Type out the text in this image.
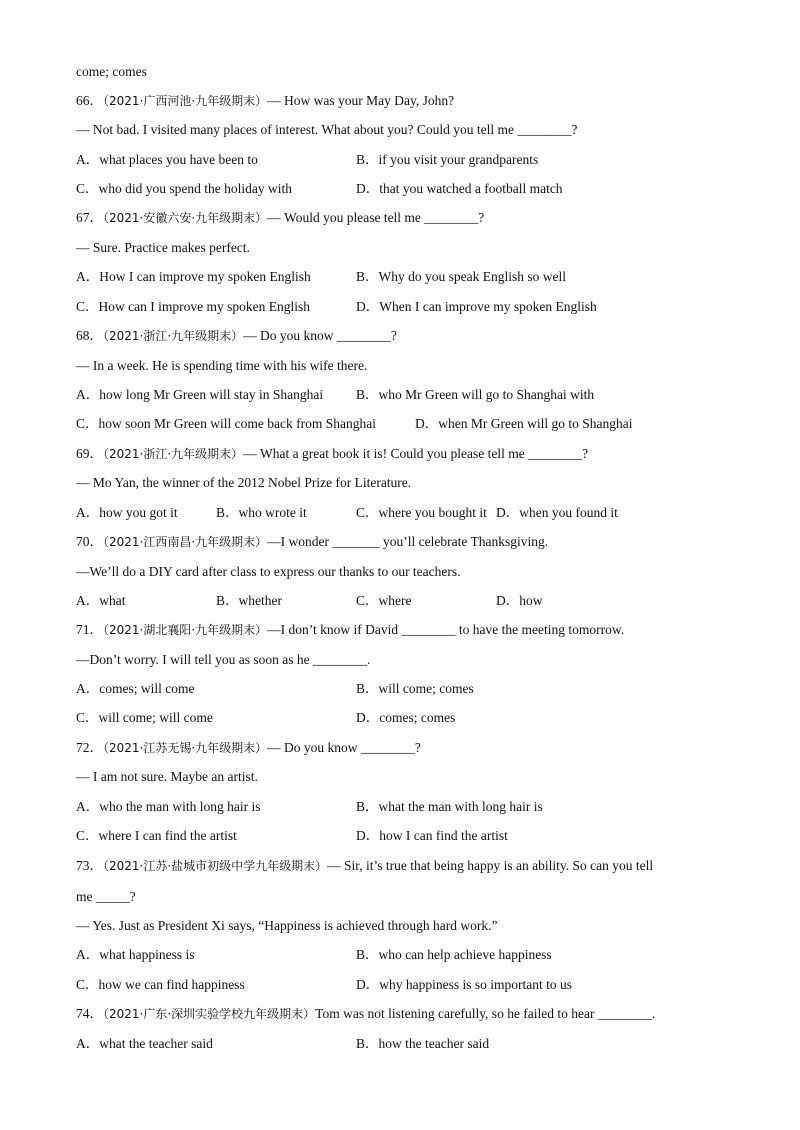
come; comes
66．（2021·广西河池·九年级期末）— How was your May Day, John?
— Not bad. I visited many places of interest. What about you? Could you tell me ________?
A．what places you have been to	B．if you visit your grandparents
C．who did you spend the holiday with	D．that you watched a football match
67．（2021·安徽六安·九年级期末）— Would you please tell me ________?
— Sure. Practice makes perfect.
A．How I can improve my spoken English	B．Why do you speak English so well
C．How can I improve my spoken English	D．When I can improve my spoken English
68．（2021·浙江·九年级期末）— Do you know ________?
— In a week. He is spending time with his wife there.
A．how long Mr Green will stay in Shanghai B．who Mr Green will go to Shanghai with
C．how soon Mr Green will come back from Shanghai	D．when Mr Green will go to Shanghai
69．（2021·浙江·九年级期末）— What a great book it is! Could you please tell me ________?
— Mo Yan, the winner of the 2012 Nobel Prize for Literature.
A．how you got it	B．who wrote it	C．where you bought it D．when you found it
70．（2021·江西南昌·九年级期末）—I wonder _______ you’ll celebrate Thanksgiving.
—We’ll do a DIY card after class to express our thanks to our teachers.
A．what	B．whether	C．where	D．how
71．（2021·湖北襄阳·九年级期末）—I don’t know if David ________ to have the meeting tomorrow.
—Don’t worry. I will tell you as soon as he ________.
A．comes; will come	B．will come; comes
C．will come; will come	D．comes; comes
72．（2021·江苏无锡·九年级期末）— Do you know ________?
— I am not sure. Maybe an artist.
A．who the man with long hair is	B．what the man with long hair is
C．where I can find the artist	D．how I can find the artist
73．（2021·江苏·盐城市初级中学九年级期末）— Sir, it’s true that being happy is an ability. So can you tell
me _____?
— Yes. Just as President Xi says, “Happiness is achieved through hard work.”
A．what happiness is	B．who can help achieve happiness
C．how we can find happiness	D．why happiness is so important to us
74．（2021·广东·深圳实验学校九年级期末）Tom was not listening carefully, so he failed to hear ________.
A．what the teacher said	B．how the teacher said
